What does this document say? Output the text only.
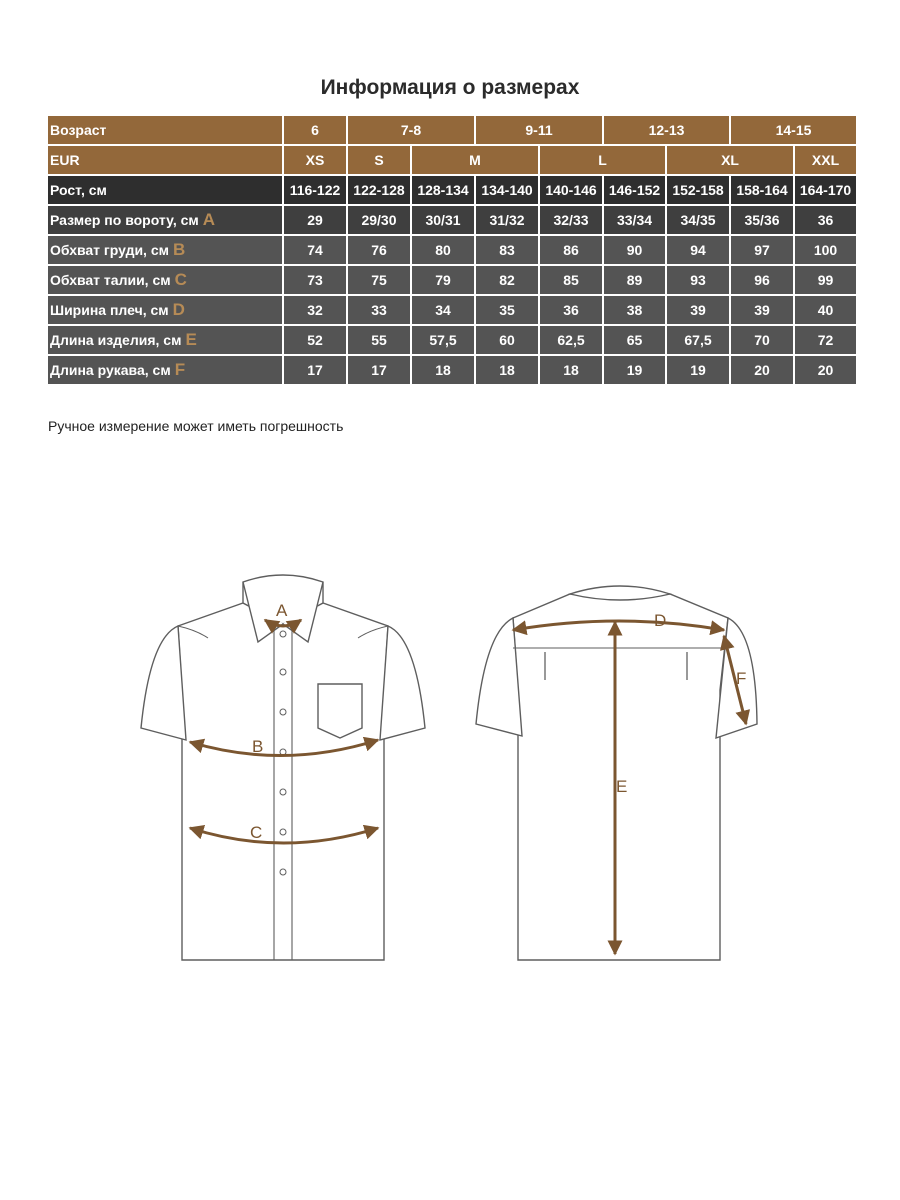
Информация о размерах
Возраст	6	7-8		9-11		12-13		14-15	
EUR	XS	S	M		L		XL		XXL
Рост, см	116-122	122-128	128-134	134-140	140-146	146-152	152-158	158-164	164-170
Размер по вороту, см A	29	29/30	30/31	31/32	32/33	33/34	34/35	35/36	36
Обхват груди, см B	74	76	80	83	86	90	94	97	100
Обхват талии, см C	73	75	79	82	85	89	93	96	99
Ширина плеч, см D	32	33	34	35	36	38	39	39	40
Длина изделия, см E	52	55	57,5	60	62,5	65	67,5	70	72
Длина рукава, см F	17	17	18	18	18	19	19	20	20
Ручное измерение может иметь погрешность
A
B
C
D
E
F
